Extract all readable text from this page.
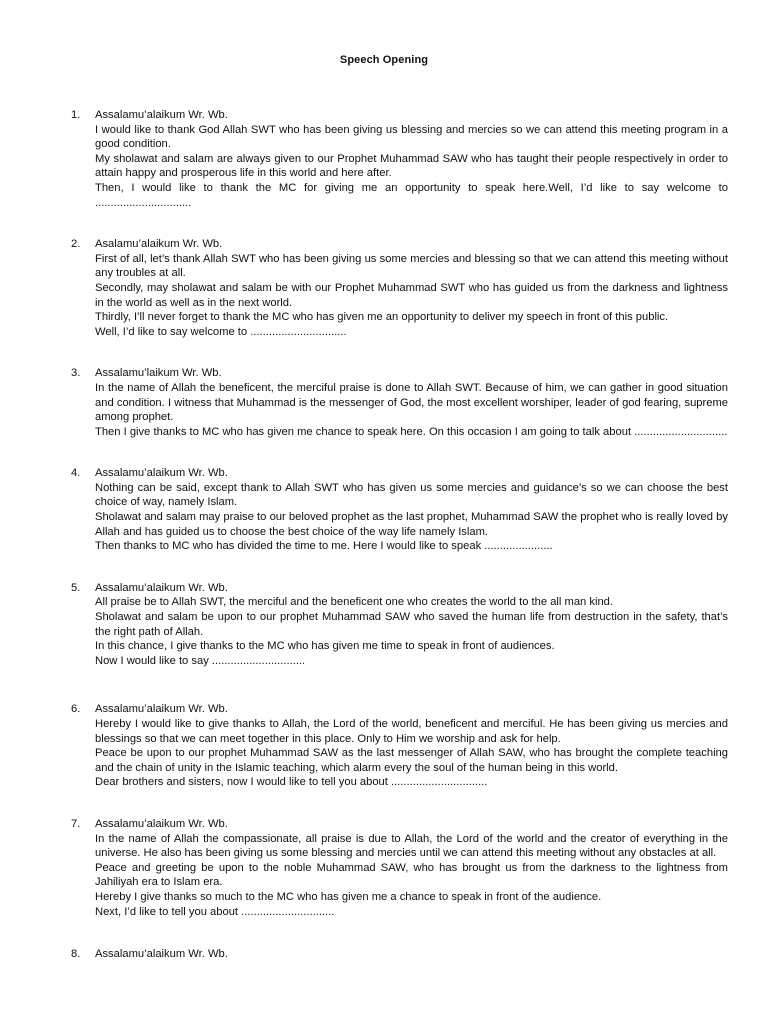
Speech Opening
1.	Assalamu’alaikum Wr. Wb.
I would like to thank God Allah SWT who has been giving us blessing and mercies so we can attend this meeting program in a good condition.
My sholawat and salam are always given to our Prophet Muhammad SAW who has taught their people respectively in order to attain happy and prosperous life in this world and here after.
Then, I would like to thank the MC for giving me an opportunity to speak here.Well, I’d like to say welcome to ...............................
2.	Asalamu’alaikum Wr. Wb.
First of all, let’s thank Allah SWT who has been giving us some mercies and blessing so that we can attend this meeting without any troubles at all.
Secondly, may sholawat and salam be with our Prophet Muhammad SWT who has guided us from the darkness and lightness in the world as well as in the next world.
Thirdly, I’ll never forget to thank the MC who has given me an opportunity to deliver my speech in front of this public.
Well, I’d like to say welcome to ...............................
3.	Assalamu’laikum Wr. Wb.
In the name of Allah the beneficent, the merciful praise is done to Allah SWT. Because of him, we can gather in good situation and condition. I witness that Muhammad is the messenger of God, the most excellent worshiper, leader of god fearing, supreme among prophet.
Then I give thanks to MC who has given me chance to speak here. On this occasion I am going to talk about ..............................
4.	Assalamu’alaikum Wr. Wb.
Nothing can be said, except thank to Allah SWT who has given us some mercies and guidance’s so we can choose the best choice of way, namely Islam.
Sholawat and salam may praise to our beloved prophet as the last prophet, Muhammad SAW the prophet who is really loved by Allah and has guided us to choose the best choice of the way life namely Islam.
Then thanks to MC who has divided the time to me. Here I would like to speak ......................
5.	Assalamu’alaikum Wr. Wb.
All praise be to Allah SWT, the merciful and the beneficent one who creates the world to the all man kind.
Sholawat and salam be upon to our prophet Muhammad SAW who saved the human life from destruction in the safety, that’s the right path of Allah.
In this chance, I give thanks to the MC who has given me time to speak in front of audiences.
Now I would like to say ..............................
6.	Assalamu’alaikum Wr. Wb.
Hereby I would like to give thanks to Allah, the Lord of the world, beneficent and merciful. He has been giving us mercies and blessings so that we can meet together in this place. Only to Him we worship and ask for help.
Peace be upon to our prophet Muhammad SAW as the last messenger of Allah SAW, who has brought the complete teaching and the chain of unity in the Islamic teaching, which alarm every the soul of the human being in this world.
Dear brothers and sisters, now I would like to tell you about ...............................
7.	Assalamu’alaikum Wr. Wb.
In the name of Allah the compassionate, all praise is due to Allah, the Lord of the world and the creator of everything in the universe. He also has been giving us some blessing and mercies until we can attend this meeting without any obstacles at all.
Peace and greeting be upon to the noble Muhammad SAW, who has brought us from the darkness to the lightness from Jahiliyah era to Islam era.
Hereby I give thanks so much to the MC who has given me a chance to speak in front of the audience.
Next, I’d like to tell you about ..............................
8.	Assalamu’alaikum Wr. Wb.
